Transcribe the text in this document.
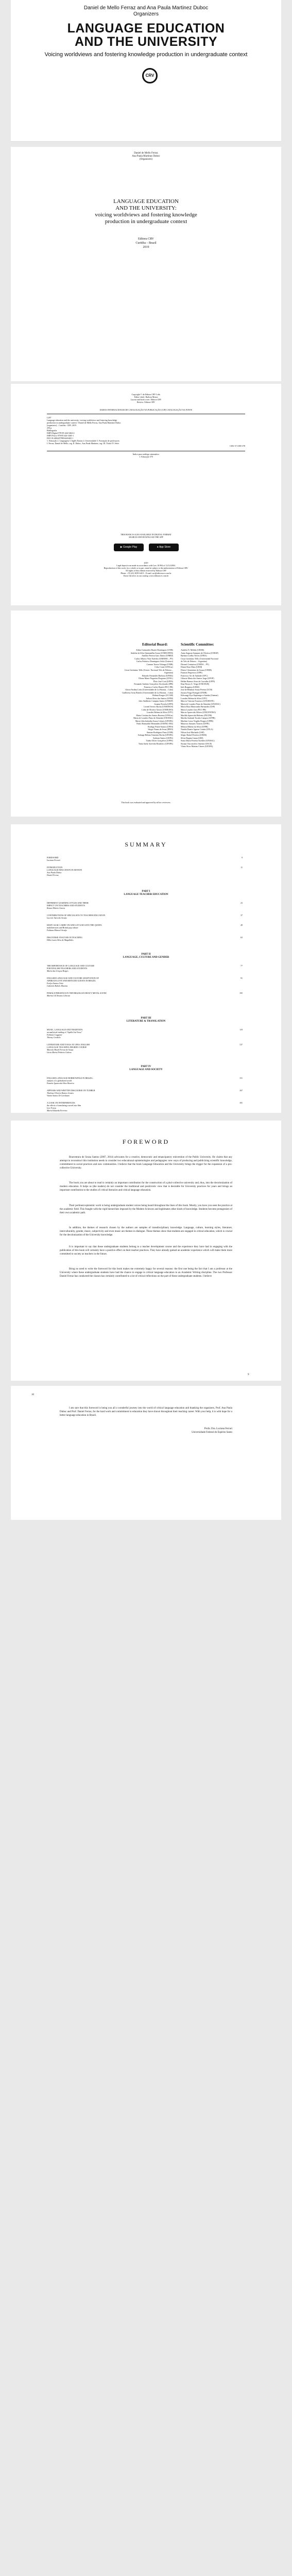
Daniel de Mello Ferraz and Ana Paula Martinez Duboc
Organizers
LANGUAGE EDUCATION
AND THE UNIVERSITY
Voicing worldviews and fostering knowledge production in undergraduate context
CRV
Daniel de Mello Ferraz
Ana Paula Martinez Duboc
(Organizers)
LANGUAGE EDUCATION
AND THE UNIVERSITY:
voicing worldviews and fostering knowledge
production in undergraduate context
Editora CRV
Curitiba – Brazil
2019
Copyright © da Editora CRV Ltda.
Editor-chefe: Railson Moura
Layout and book cover: Editora CRV
Review: Editora CRV
DADOS INTERNACIONAIS DE CATALOGAÇÃO NA PUBLICAÇÃO (CIP) CATALOGAÇÃO NA FONTE
L287
Language education and the university: voicing worldviews and fostering knowledge
production in undergraduate context / Daniel de Mello Ferraz, Ana Paula Martinez Duboc
(organizers) – Curitiba : CRV, 2019.
256 p.
Bibliografia
ISBN Digital 978-85-444-3464-4
ISBN Físico 978-85-444-3465-1
DOI 10.24824/978854443465.1
1. Educação 2. Linguagem 3. Inglês Ensino 4. Universidade 5. Formação de professores
I. Ferraz, Daniel de Mello, org. II. Duboc, Ana Paula Martinez, org. III. Título IV. Série.
CDU 37 CDD 378
Índice para catálogo sistemático
1. Educação 370
THIS BOOK IS ALSO AVAILABLE IN DIGITAL FORMAT
SEARCH AND DOWNLOAD THE APP
▶ Google Play	● App Store
2019
Legal deposit was made in accordance with Law 10.994 of 12/14/2004.
Reproduction of this work, for a whole or in part, must be subject to the authorization of Editora CRV.
All rights of this edition reserved by Editora CRV
Phone: +55 (41) 3039-6418 – E-mail: sac@editoracrv.com.br
Know the news in our catalog: www.editoracrv.com.br
Editorial Board:	Scientific Committee:
Aldira Guimarães Duarte Domínguez (UNB)
Andréia da Silva Quintanilha Sousa (UNIR/UFRN)
Antônio Pereira Gaio Júnior (UFRRJ)
Carlos Alberto Vilar Estêvão (UMINHO – PT)
Carlos Federico Dominguez Avila (Unieuro)
Carmen Tereza Velanga (UNIR)
Celso Conti (UFSCar)
Cesar Gerónimo Tello (Univer. Nacional Três de Febrero – Argentina)
Eduardo Fernandes Barbosa (UFMG)
Elione Maria Nogueira Diogenes (UFAL)
Élsio José Corá (UFFS)
Fernando Antônio Gonçalves Alcoforado (IPB)
Francisco Carlos Duarte (PUC-PR)
Gloria Fariñas León (Universidade de La Havana – Cuba)
Guillermo Arias Beatón (Universidade de La Havana – Cuba)
Helmut Kruger (UCAM)
Jailson Alves dos Santos (UFRJ)
João Adalberto Campato Junior (UNESP)
Josania Portela (UFPI)
Leonel Severo Rocha (UNISINOS)
Lídia de Oliveira Xavier (UNIEURO)
Lourdes Helena da Silva (UFV)
Maria Cristina dos Santos Bezerra (UFSCar)
Maria de Lourdes Pinto de Almeida (UNOESC)
Maria Lília Imbiriba Sousa Colares (UFOPA)
Paulo Romualdo Hernandes (UNIFAL-MG)
Rodrigo Pratte-Santos (UFES)
Sérgio Nunes de Jesus (IFRO)
Simone Rodrigues Pinto (UNB)
Solange Helena Ximenes-Rocha (UFOPA)
Sydione Santos (UEPG)
Tadeu Oliver Gonçalves (UFPA)
Tania Suely Azevedo Brasileiro (UFOPA)
Andréia N. Militão (UEMS)
Anna Augusta Sampaio de Oliveira (UNESP)
Barbara Coelho Neves (UFBA)
Cesar Gerónimo Tello (Universidad Nacional
de Três de Febrero – Argentina)
Diosnel Centurion (UNIDA – PY)
Eliane Rose Maio (UEM)
Elizeu Clementino de Souza (UNEB)
Fauston Negreiros (UFPI)
Francisco Ari de Andrade (UFC)
Gláucia Maria dos Santos Jorge (UFOP)
Helder Buenos Aires de Carvalho (UFPI)
Ilma Passos A. Veiga (UNICEUB)
Inês Bragança (UERJ)
José de Ribamar Sousa Pereira (UCB)
Jussara Fraga Portugal (UNEB)
Kilwangy Kya Kapitango-a-Samba (Unemat)
Lourdes Helena da Silva (UFV)
Marcos Vinicius Francisco (UNOESTE)
Maria de Lourdes Pinto de Almeida (UNOESC)
Maria Eliza Mattosinho Bernardes (USP)
Maria Lourdes Gisi (PUC-PR)
Marcia Aparecida Alferes (UNICENTRO)
Marilda Aparecida Behrens (PUCPR)
Marília Andrade Torales Campos (UFPR)
Marlene Lessa Vergilio Borges (UFPR)
Mauricio Antunes Tavares (UFPE)
Mônica Ribeiro da Silva (UFPR)
Natalia Duarte Agnese Cattrin (UFLA)
Nilson José Machado (USP)
Sérgio Rafael Ferreira (UEMS)
Silvia Regina Canan (URI)
Sonia Maria Ferreira Koehler (UNISAL)
Susana Vasconcelos Jimenez (UECE)
Vânia Alves Martins Chaves (UFOPA)
This book was evaluated and approved by ad hoc reviewers.
SUMMARY
FOREWORD
Luciana Ferrari
9
INTRODUCTION
LANGUAGE EDUCATION IN MOTION
Ana Paula Duboc
Daniel Ferraz
11
PART I
LANGUAGE TEACHER EDUCATION
DIFFERENT LEARNING STYLES AND THEIR
IMPACT ON TEACHERS AND STUDENTS
Renan Ribeiro Garcia
23
CONTRIBUTIONS OF SPECIALISTS TO TEACHER EDUCATION
Lucenir Azevedo Araújo
37
KEEP CALM, CARRY ON AND LET GOD SAVE THE QUEEN:
multiliteracies and British pop culture
Fabiana Manoel Araújo
49
DISCOURSE ANALYSIS IN TEACHING
Hilla Laura Silva de Magalhães
63
PART II
LANGUAGE, CULTURE AND GENDER
THE IMPORTANCE OF LANGUAGE AND CULTURE
FOR ENGLISH TEACHERS AND STUDENTS
Maria das Graças Borges
77
ENGLISH LANGUAGE AND CULTURE ADAPTATION OF
AFRIKAN-LOVE AND REFUGEE GUESTS IN BRAZIL
Evelyn Santos Ortiz
Gabriela Rebelo Martins
91
FEMALE PRESENCE IN THE BRAZILIAN HEAVY METAL SCENE
Marina Gil Sitvano Lebrone
105
PART III
LITERATURE & TRANSLATION
MUSIC, LANGUAGE AND TRADITION:
an analytical reading of “Spelle Sin Verso”
Fabiana Coggiani
Thiemy Cerdeilo
119
LITERATURE AND TOOLS AT UFES: ENGLISH
LANGUAGE TEACHING DEGREE COURSE
Marcela Brazil Ferraz de Souza
Lúcia Maria Pinheiro Galeno
137
PART IV
LANGUAGE AND SOCIETY
ENGLISH LANGUAGE BORROWINGS IN BRAZIL:
analysis of a globalized world
Pamela Aparecida Silva Moreira
151
APPEARS AND WRITTEN DISCOURSE ON TUMBLR
Thalissa Oliveira Ramos Gomes
Vanim Santos Di Carulazzo
167
A LOOK ON INTERFERENCES:
the effects of translating a novel into film
Lice Fonsa
Maria Eduarda Ferreira
181
FOREWORD
Boaventura de Sousa Santos (2007, 2014) advocates for a creative, democratic and emancipatory reinvention of the Public University. He claims that any attempt to reconstruct this institution needs to consider two educational epistemologies and pedagogies: new ways of producing and publicizing scientific knowledge, commitment to social practices and new communities. I believe that the book Language Education and the University brings the trigger for the expansion of a pro-collective University.
The book you are about to read is certainly an important contribution for the construction of a pluri-collective university and, thus, into the decolonization of modern education. It helps us (the readers) do not consider the traditional and positivistic view that is desirable for University practices for years and brings an important contribution to the studies of critical literacies and critical language education.
Their pertinent epistemic work is being undergraduate student voices being heard throughout the lines of this book. Mostly, you have you seen the practice at the academic field. This fraught with the rigid hierarchies imposed by the Modern Sciences and legitimates other kinds of knowledge. Students become protagonists of their own academic path.
In addition, the themes of research chosen by the authors are samples of transdisciplinary knowledge. Language, culture, learning styles, literature, interculturality, gender, music, subjectivity and even music are themes in dialogue. These themes show that students are engaged in critical education, which is crucial for the decolonization of the University knowledge.
It is important to say that these undergraduate students belong to a teacher development course and the experience they have had in engaging with the publication of this book will certainly have a positive effect on their teacher practices. They have already gained an academic experience which will make them more committed to society as teachers in the future.
Bring no need to write the foreword for this book makes me extremely happy for several reasons: the first one being the fact that I am a professor at the University where these undergraduate students have had the chance to engage in critical language education in an Academic Writing discipline. The two Professor Daniel Ferraz has conducted the classes has certainly contributed to a lot of critical reflections on the part of these undergraduate students. I believe
9
10
I am sure that this foreword is being you all a wonderful journey into the world of critical language education and thanking the organizers, Prof. Ana Paula Duboc and Prof. Daniel Ferraz, for the hard work and commitment to education they have shown throughout their teaching career. With your help, it is with hope for a better language education in Brazil.
Profa. Dra. Luciana Ferrari
Universidade Federal do Espírito Santo
